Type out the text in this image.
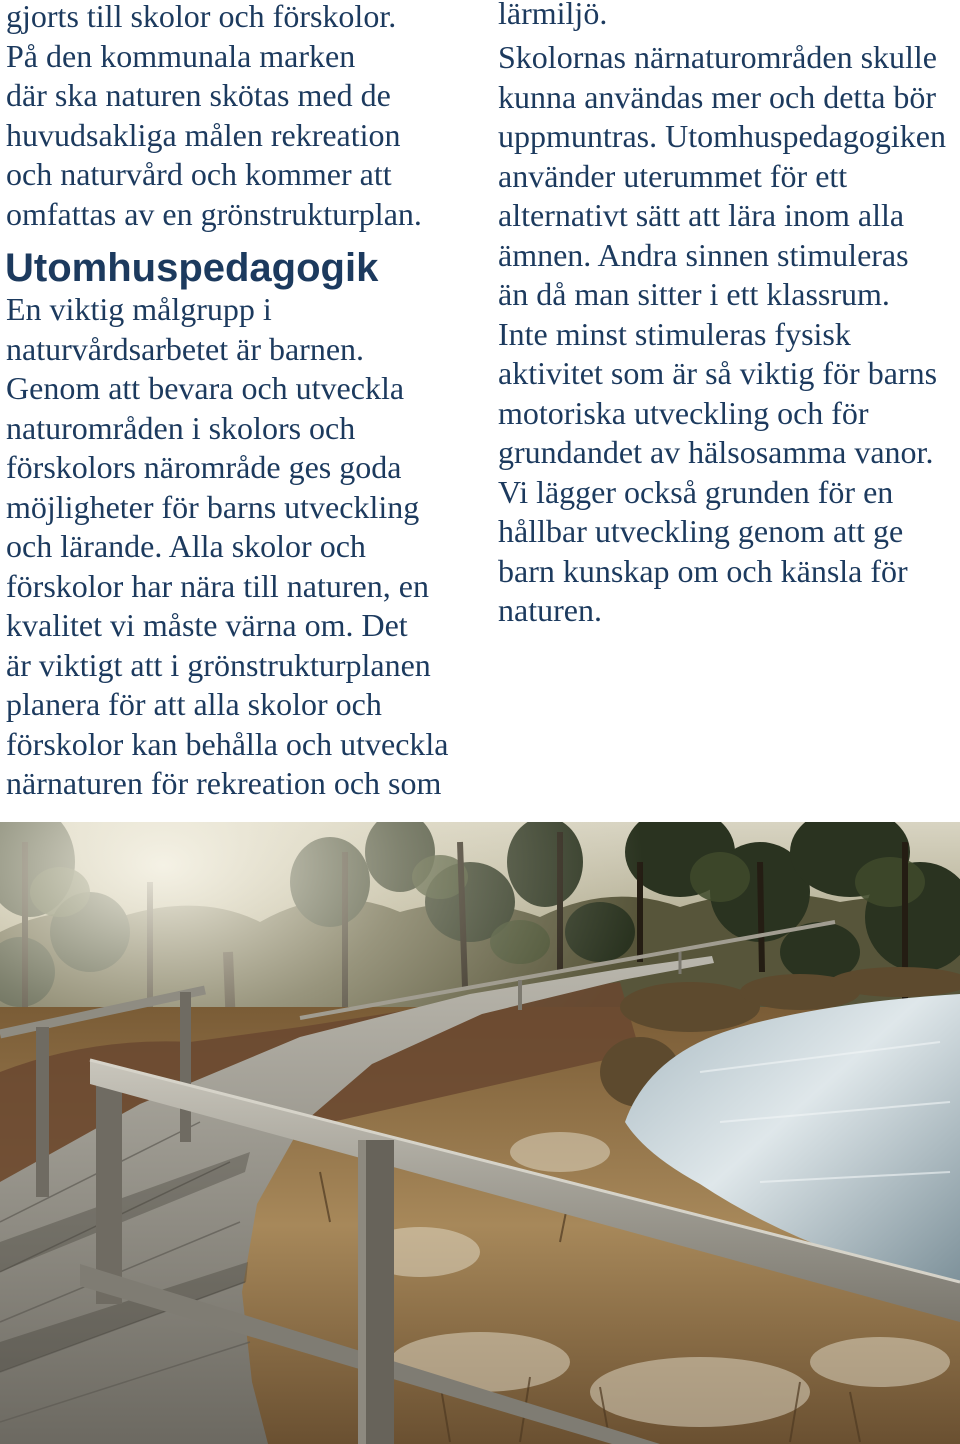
gjorts till skolor och förskolor.
På den kommunala marken
där ska naturen skötas med de
huvudsakliga målen rekreation
och naturvård och kommer att
omfattas av en grönstrukturplan.
Utomhuspedagogik
En viktig målgrupp i
naturvårdsarbetet är barnen.
Genom att bevara och utveckla
naturområden i skolors och
förskolors närområde ges goda
möjligheter för barns utveckling
och lärande. Alla skolor och
förskolor har nära till naturen, en
kvalitet vi måste värna om. Det
är viktigt att i grönstrukturplanen
planera för att alla skolor och
förskolor kan behålla och utveckla
närnaturen för rekreation och som
lärmiljö.
Skolornas närnaturområden skulle
kunna användas mer och detta bör
uppmuntras. Utomhuspedagogiken
använder uterummet för ett
alternativt sätt att lära inom alla
ämnen. Andra sinnen stimuleras
än då man sitter i ett klassrum.
Inte minst stimuleras fysisk
aktivitet som är så viktig för barns
motoriska utveckling och för
grundandet av hälsosamma vanor.
Vi lägger också grunden för en
hållbar utveckling genom att ge
barn kunskap om och känsla för
naturen.
